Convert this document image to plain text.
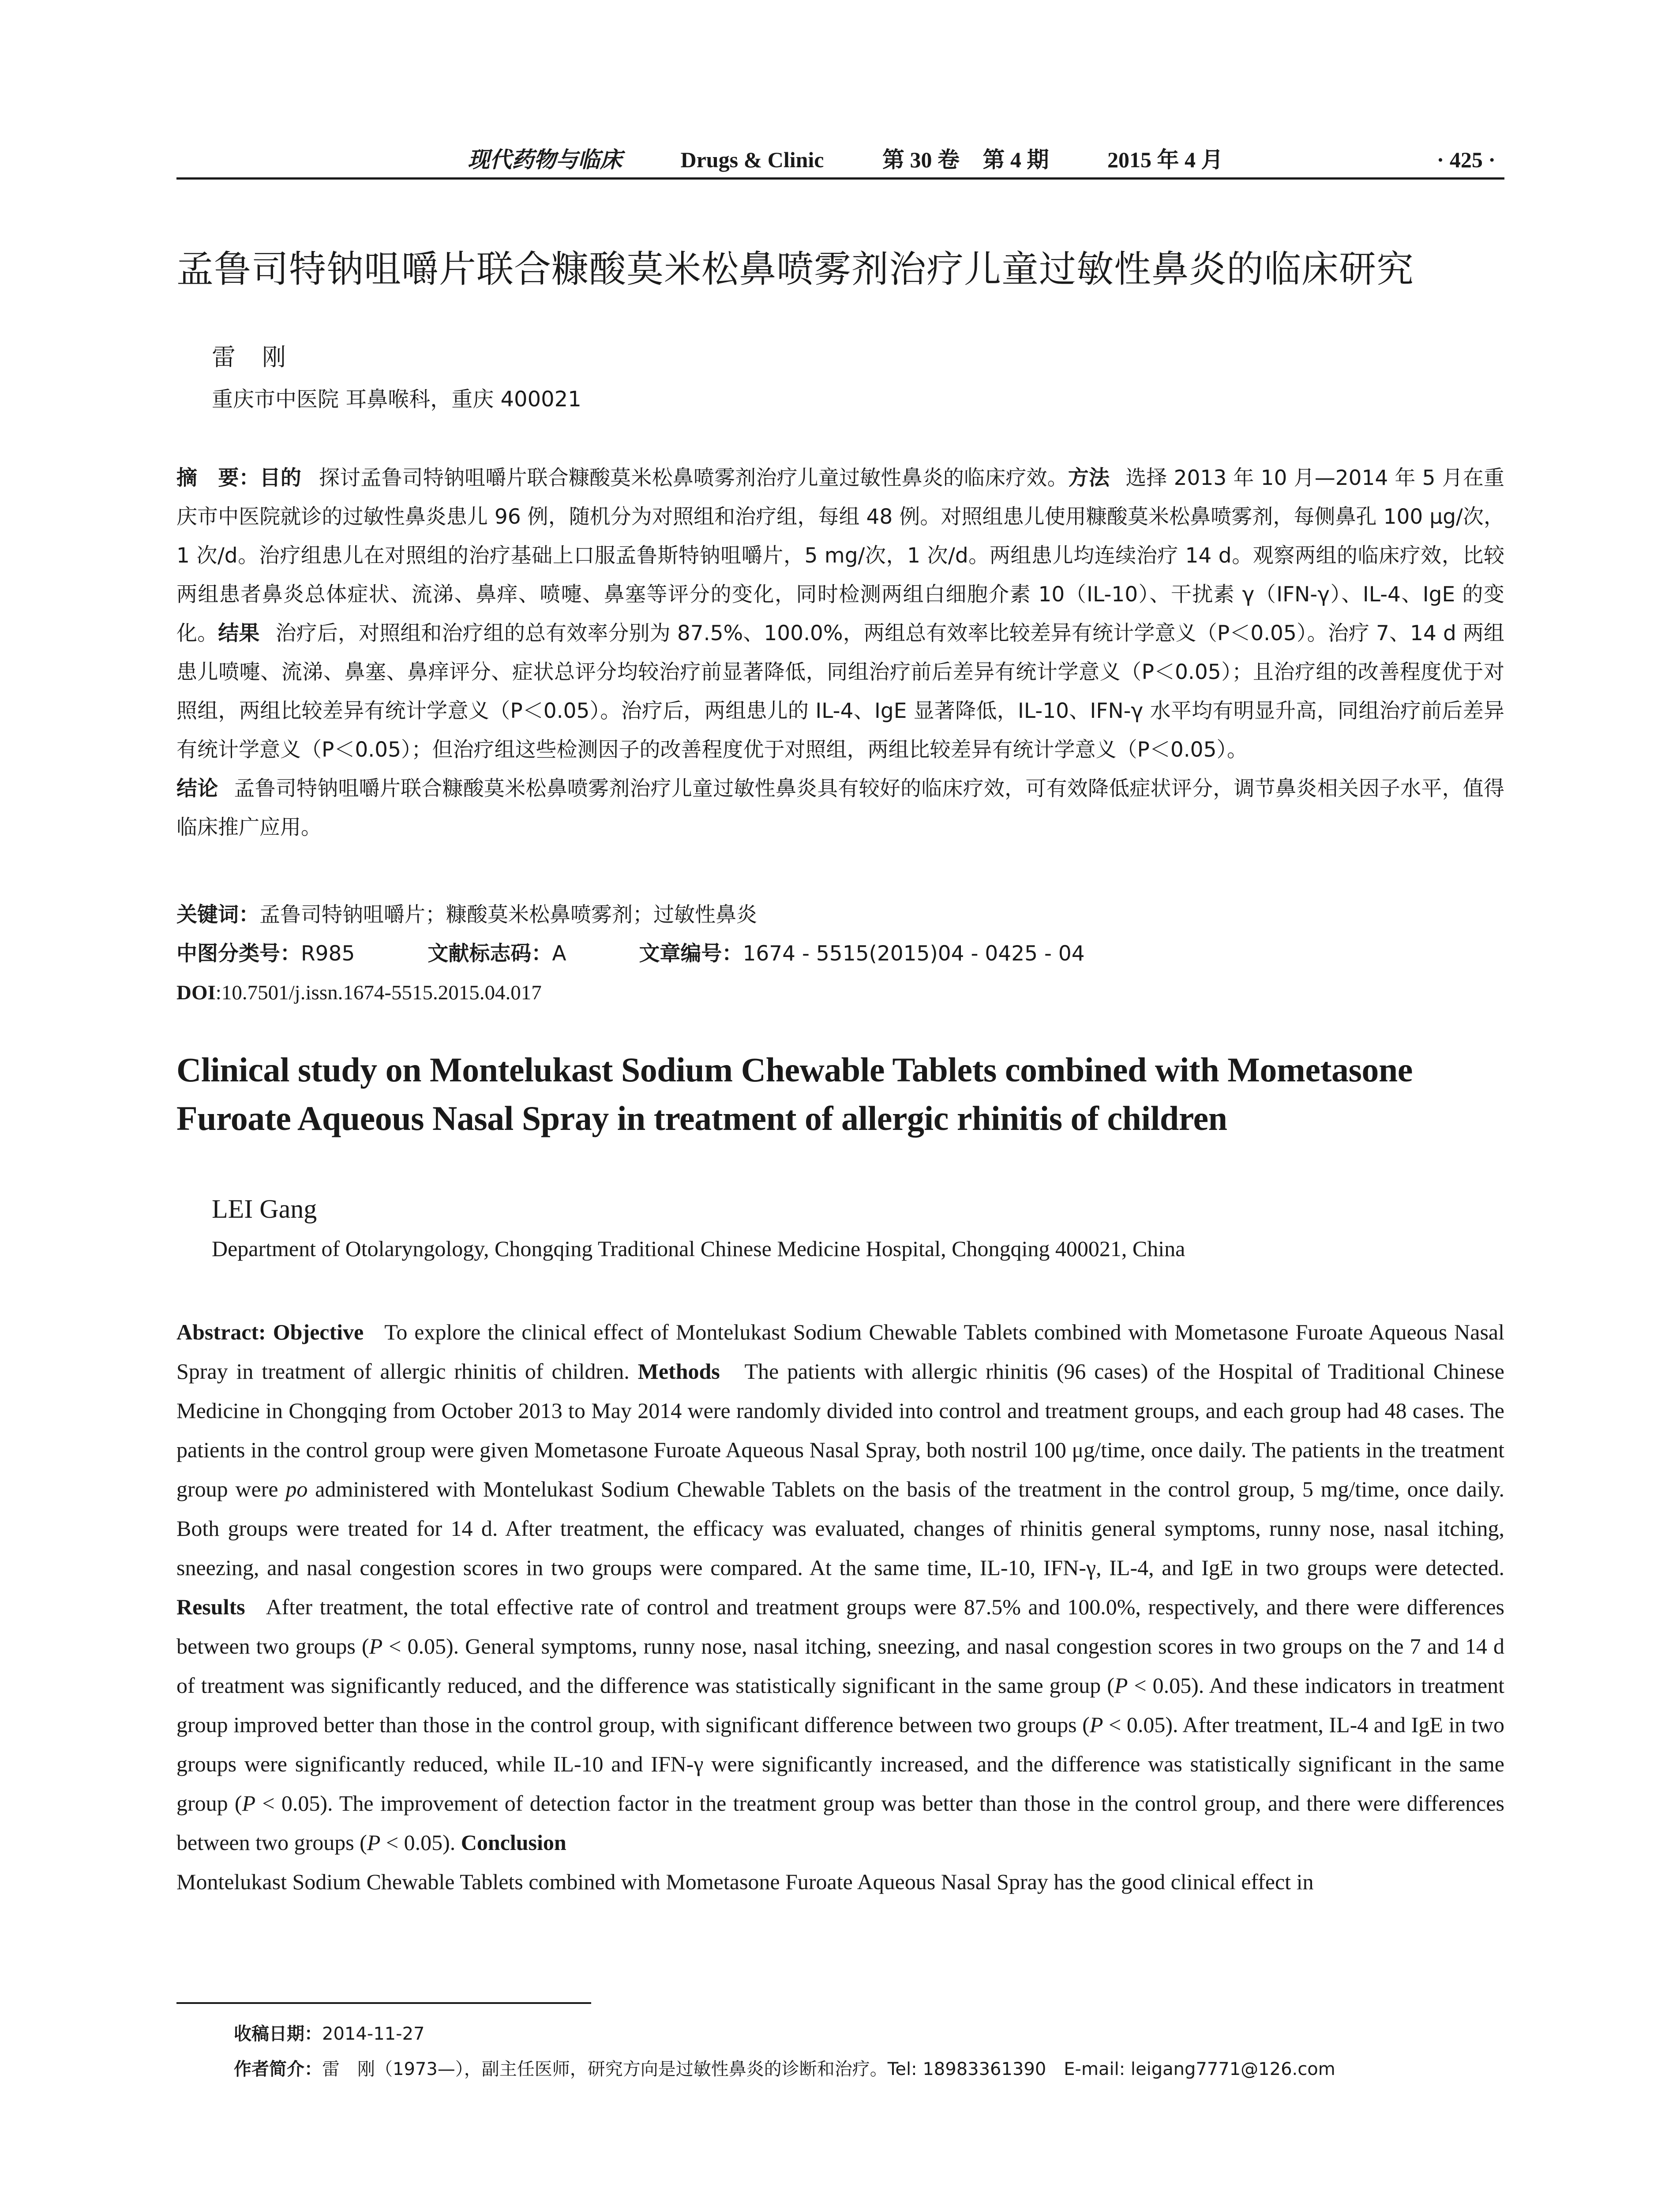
现代药物与临床	Drugs & Clinic	第 30 卷 第 4 期	2015 年 4 月	· 425 ·
孟鲁司特钠咀嚼片联合糠酸莫米松鼻喷雾剂治疗儿童过敏性鼻炎的临床研究
雷刚
重庆市中医院 耳鼻喉科，重庆 400021
摘　要：目的 探讨孟鲁司特钠咀嚼片联合糠酸莫米松鼻喷雾剂治疗儿童过敏性鼻炎的临床疗效。方法 选择 2013 年 10 月—2014 年 5 月在重庆市中医院就诊的过敏性鼻炎患儿 96 例，随机分为对照组和治疗组，每组 48 例。对照组患儿使用糠酸莫米松鼻喷雾剂，每侧鼻孔 100 μg/次，1 次/d。治疗组患儿在对照组的治疗基础上口服孟鲁斯特钠咀嚼片，5 mg/次，1 次/d。两组患儿均连续治疗 14 d。观察两组的临床疗效，比较两组患者鼻炎总体症状、流涕、鼻痒、喷嚏、鼻塞等评分的变化，同时检测两组白细胞介素 10（IL-10）、干扰素 γ（IFN-γ）、IL-4、IgE 的变化。结果 治疗后，对照组和治疗组的总有效率分别为 87.5%、100.0%，两组总有效率比较差异有统计学意义（P＜0.05）。治疗 7、14 d 两组患儿喷嚏、流涕、鼻塞、鼻痒评分、症状总评分均较治疗前显著降低，同组治疗前后差异有统计学意义（P＜0.05）；且治疗组的改善程度优于对照组，两组比较差异有统计学意义（P＜0.05）。治疗后，两组患儿的 IL-4、IgE 显著降低，IL-10、IFN-γ 水平均有明显升高，同组治疗前后差异有统计学意义（P＜0.05）；但治疗组这些检测因子的改善程度优于对照组，两组比较差异有统计学意义（P＜0.05）。
结论 孟鲁司特钠咀嚼片联合糠酸莫米松鼻喷雾剂治疗儿童过敏性鼻炎具有较好的临床疗效，可有效降低症状评分，调节鼻炎相关因子水平，值得临床推广应用。
关键词：孟鲁司特钠咀嚼片；糠酸莫米松鼻喷雾剂；过敏性鼻炎
中图分类号：R985	文献标志码：A	文章编号：1674 - 5515(2015)04 - 0425 - 04
DOI:10.7501/j.issn.1674-5515.2015.04.017
Clinical study on Montelukast Sodium Chewable Tablets combined with Mometasone Furoate Aqueous Nasal Spray in treatment of allergic rhinitis of children
LEI Gang
Department of Otolaryngology, Chongqing Traditional Chinese Medicine Hospital, Chongqing 400021, China
Abstract: Objective To explore the clinical effect of Montelukast Sodium Chewable Tablets combined with Mometasone Furoate Aqueous Nasal Spray in treatment of allergic rhinitis of children. Methods The patients with allergic rhinitis (96 cases) of the Hospital of Traditional Chinese Medicine in Chongqing from October 2013 to May 2014 were randomly divided into control and treatment groups, and each group had 48 cases. The patients in the control group were given Mometasone Furoate Aqueous Nasal Spray, both nostril 100 μg/time, once daily. The patients in the treatment group were po administered with Montelukast Sodium Chewable Tablets on the basis of the treatment in the control group, 5 mg/time, once daily. Both groups were treated for 14 d. After treatment, the efficacy was evaluated, changes of rhinitis general symptoms, runny nose, nasal itching, sneezing, and nasal congestion scores in two groups were compared. At the same time, IL-10, IFN-γ, IL-4, and IgE in two groups were detected. Results After treatment, the total effective rate of control and treatment groups were 87.5% and 100.0%, respectively, and there were differences between two groups (P < 0.05). General symptoms, runny nose, nasal itching, sneezing, and nasal congestion scores in two groups on the 7 and 14 d of treatment was significantly reduced, and the difference was statistically significant in the same group (P < 0.05). And these indicators in treatment group improved better than those in the control group, with significant difference between two groups (P < 0.05). After treatment, IL-4 and IgE in two groups were significantly reduced, while IL-10 and IFN-γ were significantly increased, and the difference was statistically significant in the same group (P < 0.05). The improvement of detection factor in the treatment group was better than those in the control group, and there were differences between two groups (P < 0.05). Conclusion
Montelukast Sodium Chewable Tablets combined with Mometasone Furoate Aqueous Nasal Spray has the good clinical effect in
收稿日期：2014-11-27
作者简介：雷　刚（1973—），副主任医师，研究方向是过敏性鼻炎的诊断和治疗。Tel: 18983361390　E-mail: leigang7771@126.com
